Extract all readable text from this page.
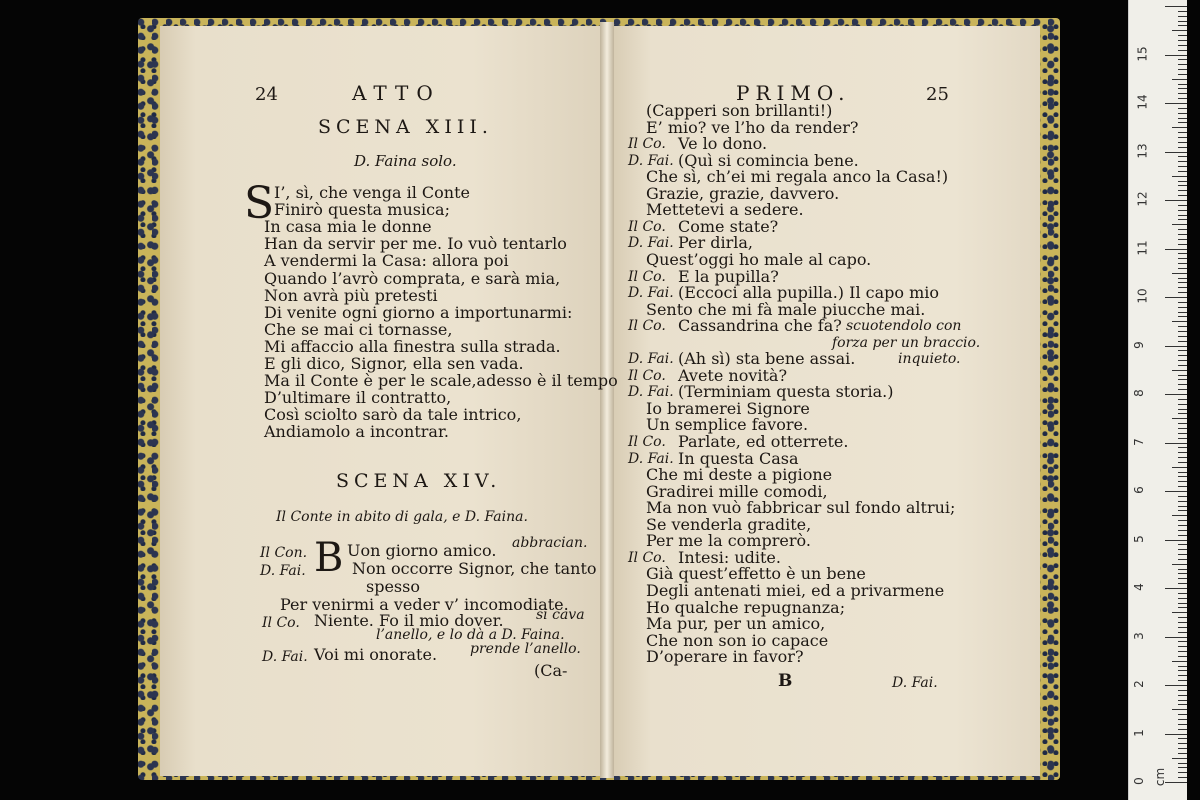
24	ATTO
SCENA XIII.
D. Faina solo.
S I’, sì, che venga il Conte
Finirò questa musica;
In casa mia le donne
Han da servir per me. Io vuò tentarlo
A vendermi la Casa: allora poi
Quando l’avrò comprata, e sarà mia,
Non avrà più pretesti
Di venite ogni giorno a importunarmi:
Che se mai ci tornasse,
Mi affaccio alla finestra sulla strada.
E gli dico, Signor, ella sen vada.
Ma il Conte è per le scale,adesso è il tempo
D’ultimare il contratto,
Così sciolto sarò da tale intrico,
Andiamolo a incontrar.
SCENA XIV.
Il Conte in abito di gala, e D. Faina.
Il Con.
D. Fai. B Uon giorno amico. abbracian.
Non occorre Signor, che tanto
spesso
Per venirmi a veder v’ incomodiate.
Il Co. Niente. Fo il mio dover. si cava
l’anello, e lo dà a D. Faina.
D. Fai. Voi mi onorate. prende l’anello.
(Ca-
PRIMO.	25
(Capperi son brillanti!)
E’ mio? ve l’ho da render?
Il Co. Ve lo dono.
D. Fai. (Quì si comincia bene.
Che sì, ch’ei mi regala anco la Casa!)
Grazie, grazie, davvero.
Mettetevi a sedere.
Il Co. Come state?
D. Fai. Per dirla,
Quest’oggi ho male al capo.
Il Co. E la pupilla?
D. Fai. (Eccoci alla pupilla.) Il capo mio
Sento che mi fà male piucche mai.
Il Co. Cassandrina che fa? scuotendolo con
forza per un braccio.
D. Fai. (Ah sì) sta bene assai.	inquieto.
Il Co. Avete novità?
D. Fai. (Terminiam questa storia.)
Io bramerei Signore
Un semplice favore.
Il Co. Parlate, ed otterrete.
D. Fai. In questa Casa
Che mi deste a pigione
Gradirei mille comodi,
Ma non vuò fabbricar sul fondo altrui;
Se venderla gradite,
Per me la comprerò.
Il Co. Intesi: udite.
Già quest’effetto è un bene
Degli antenati miei, ed a privarmene
Ho qualche repugnanza;
Ma pur, per un amico,
Che non son io capace
D’operare in favor?
B	D. Fai.
0
1
2
3
4
5
6
7
8
9
10
11
12
13
14
15
cm
